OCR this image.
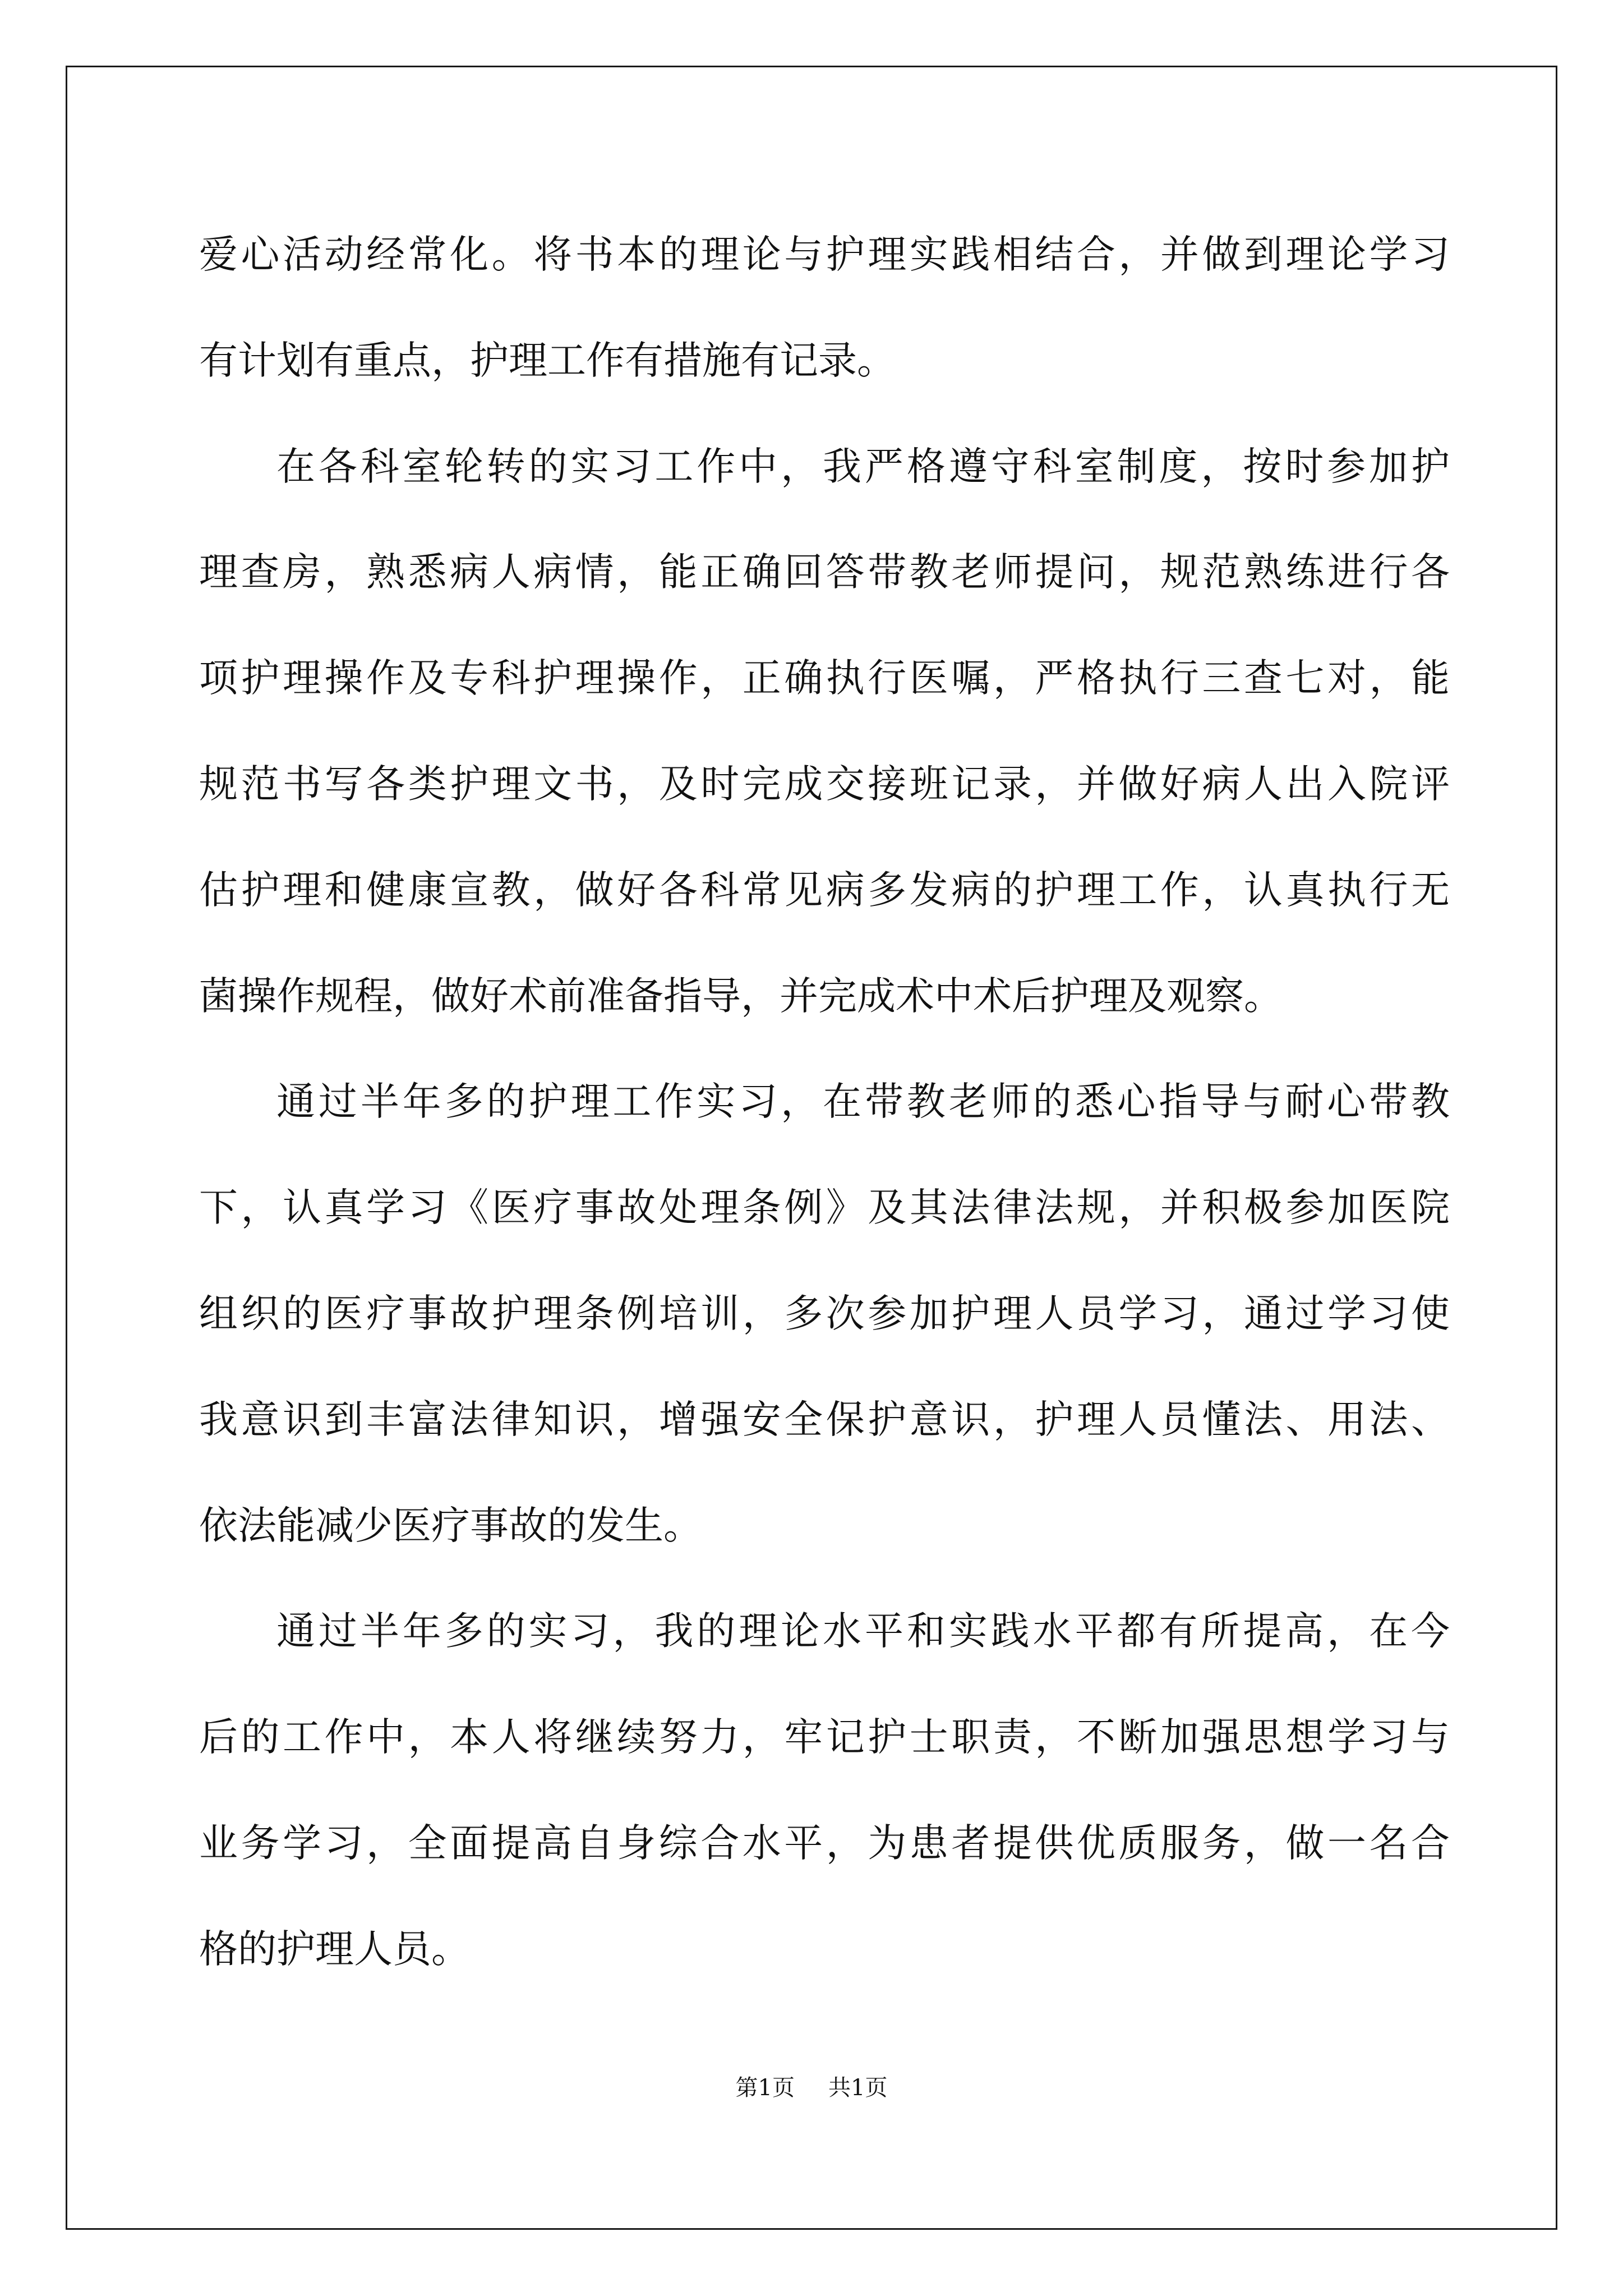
爱心活动经常化。将书本的理论与护理实践相结合，并做到理论学习
有计划有重点，护理工作有措施有记录。
在各科室轮转的实习工作中，我严格遵守科室制度，按时参加护
理查房，熟悉病人病情，能正确回答带教老师提问，规范熟练进行各
项护理操作及专科护理操作，正确执行医嘱，严格执行三查七对，能
规范书写各类护理文书，及时完成交接班记录，并做好病人出入院评
估护理和健康宣教，做好各科常见病多发病的护理工作，认真执行无
菌操作规程，做好术前准备指导，并完成术中术后护理及观察。
通过半年多的护理工作实习，在带教老师的悉心指导与耐心带教
下，认真学习《医疗事故处理条例》及其法律法规，并积极参加医院
组织的医疗事故护理条例培训，多次参加护理人员学习，通过学习使
我意识到丰富法律知识，增强安全保护意识，护理人员懂法、用法、
依法能减少医疗事故的发生。
通过半年多的实习，我的理论水平和实践水平都有所提高，在今
后的工作中，本人将继续努力，牢记护士职责，不断加强思想学习与
业务学习，全面提高自身综合水平，为患者提供优质服务，做一名合
格的护理人员。
第1页 共1页
